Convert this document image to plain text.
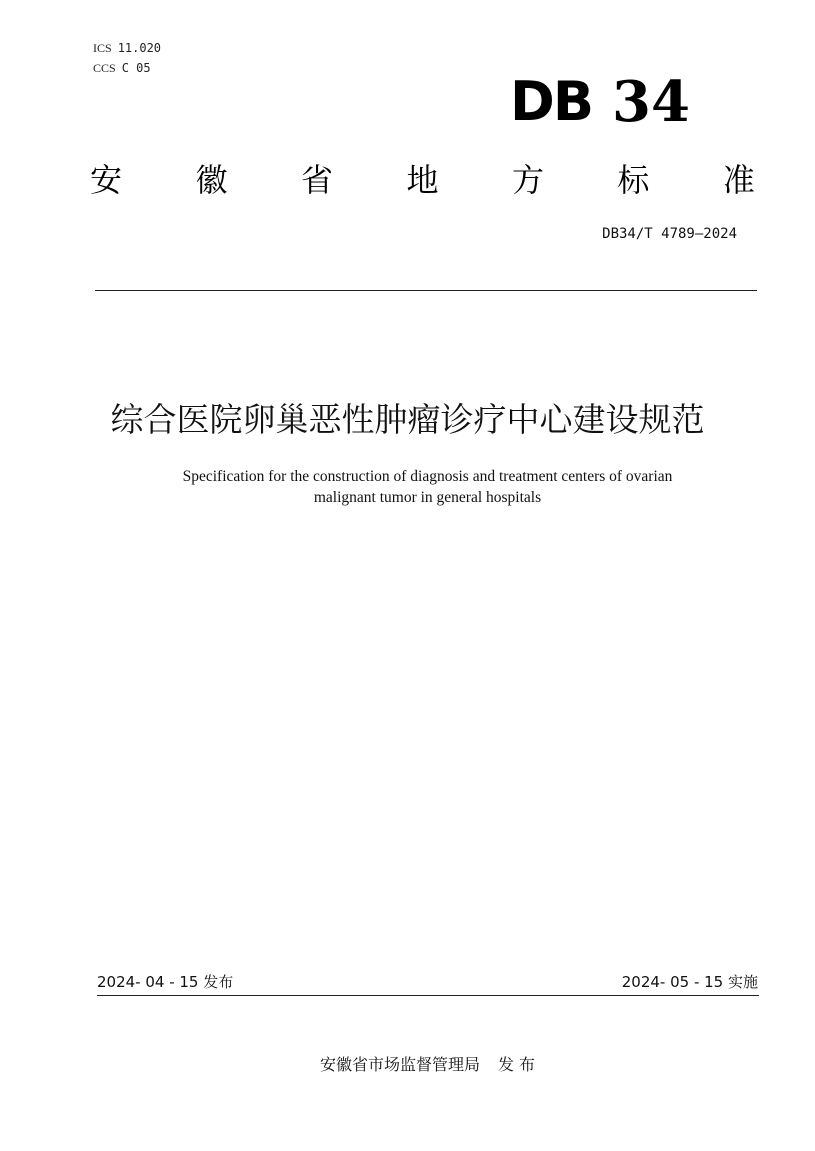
ICS 11.020
CCS C 05
DB 34
安 徽 省 地 方 标 准
DB34/T 4789—2024
综合医院卵巢恶性肿瘤诊疗中心建设规范
Specification for the construction of diagnosis and treatment centers of ovarian
malignant tumor in general hospitals
2024- 04 - 15 发布	2024- 05 - 15 实施
安徽省市场监督管理局 发 布
